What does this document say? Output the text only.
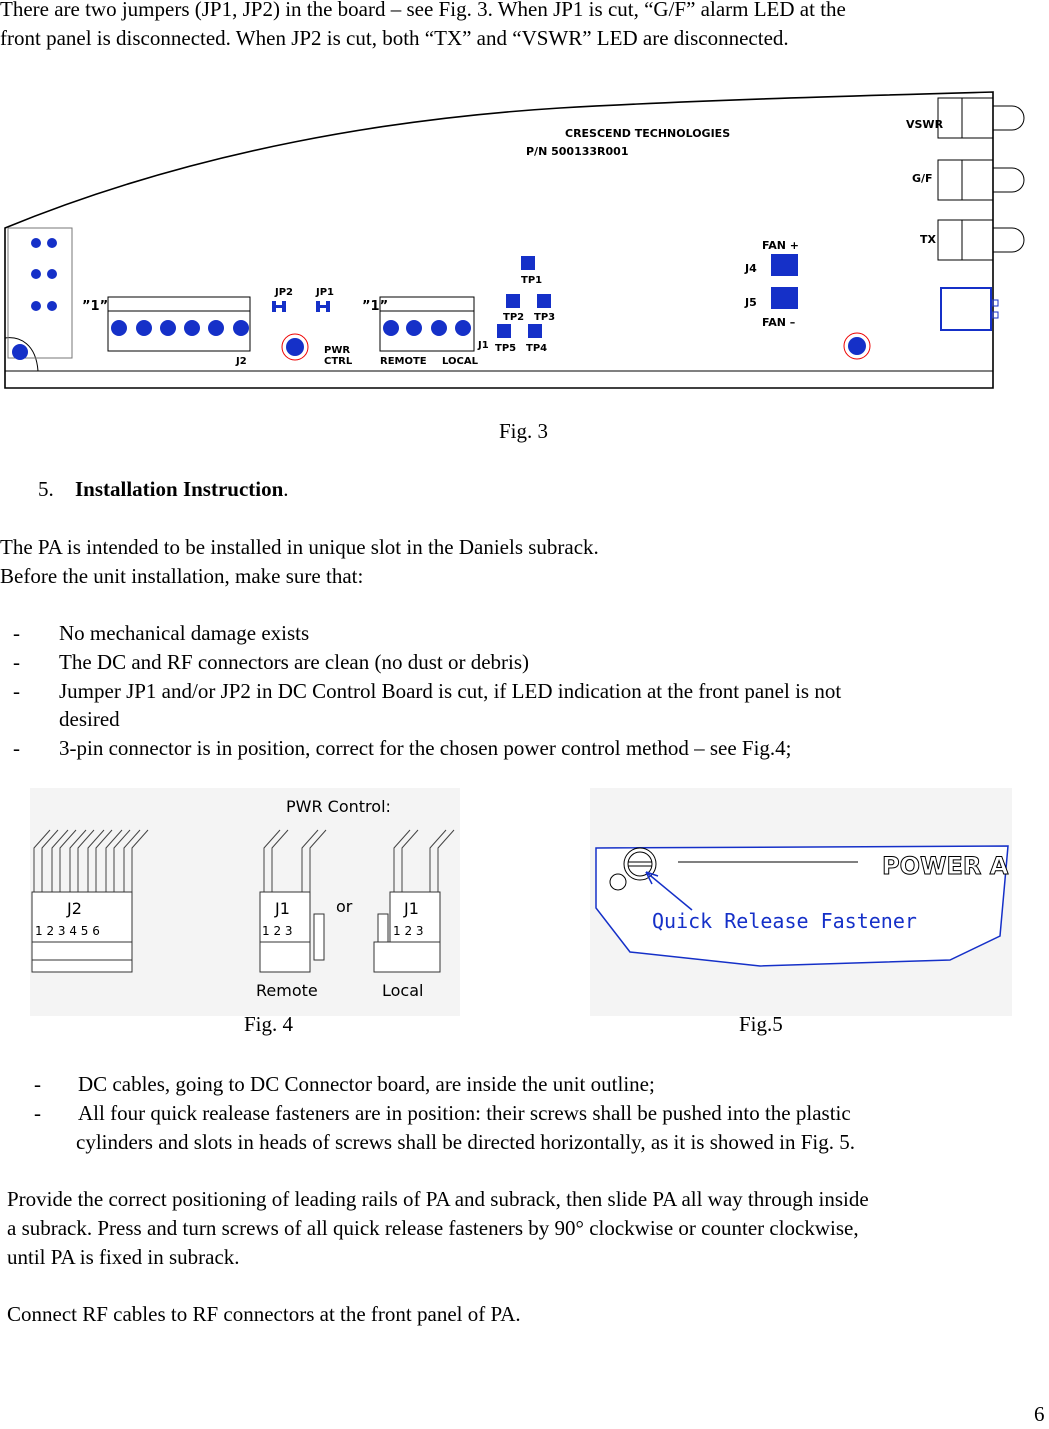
There are two jumpers (JP1, JP2) in the board – see Fig. 3. When JP1 is cut, “G/F” alarm LED at the
front panel is disconnected. When JP2 is cut, both “TX” and “VSWR” LED are disconnected.
CRESCEND TECHNOLOGIES
P/N 500133R001
VSWR
G/F
TX
FAN +
J4
J5
FAN –
TP1
TP2 TP3
J1 TP5 TP4
”1”
J2
JP2 JP1
PWR
CTRL
”1”
REMOTE LOCAL
Fig. 3
5. Installation Instruction.
The PA is intended to be installed in unique slot in the Daniels subrack.
Before the unit installation, make sure that:
- No mechanical damage exists
- The DC and RF connectors are clean (no dust or debris)
- Jumper JP1 and/or JP2 in DC Control Board is cut, if LED indication at the front panel is not
desired
- 3-pin connector is in position, correct for the chosen power control method – see Fig.4;
PWR Control:
J2
1 2 3 4 5 6
J1
1 2 3
Remote
or	J1
1 2 3
Local
POWER A
Quick Release Fastener
Fig. 4	Fig.5
- DC cables, going to DC Connector board, are inside the unit outline;
- All four quick realease fasteners are in position: their screws shall be pushed into the plastic
cylinders and slots in heads of screws shall be directed horizontally, as it is showed in Fig. 5.
Provide the correct positioning of leading rails of PA and subrack, then slide PA all way through inside
a subrack. Press and turn screws of all quick release fasteners by 90° clockwise or counter clockwise,
until PA is fixed in subrack.
Connect RF cables to RF connectors at the front panel of PA.
6
